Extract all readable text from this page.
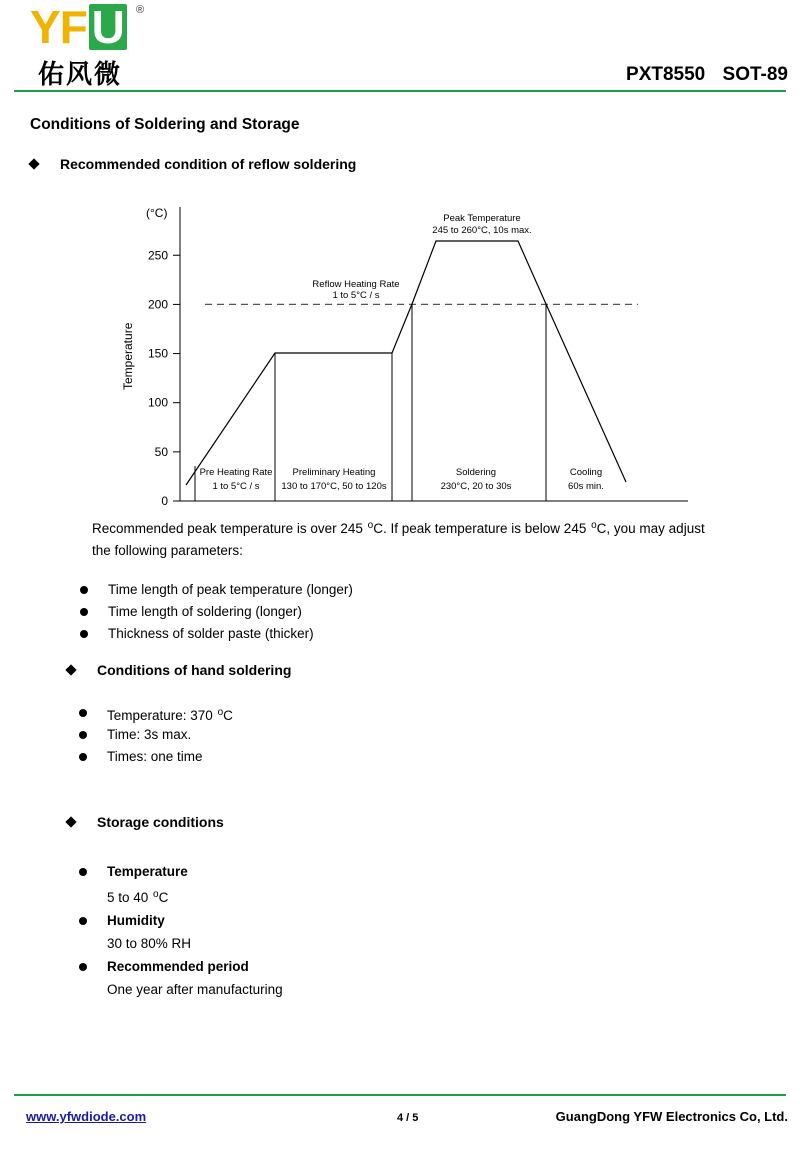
YF U ®
佑风微	PXT8550 SOT-89
Conditions of Soldering and Storage
Recommended condition of reflow soldering
(°C)
Temperature
0
50
100
150
200
250
Peak Temperature
245 to 260°C, 10s max.
Reflow Heating Rate
1 to 5°C / s
Pre Heating Rate
1 to 5°C / s
Preliminary Heating
130 to 170°C, 50 to 120s
Soldering
230°C, 20 to 30s
Cooling
60s min.
Recommended peak temperature is over 245 $^o$C. If peak temperature is below 245 $^o$C, you may adjust
the following parameters:
Time length of peak temperature (longer)
Time length of soldering (longer)
Thickness of solder paste (thicker)
Conditions of hand soldering
Temperature: 370 $^o$C
Time: 3s max.
Times: one time
Storage conditions
Temperature
5 to 40 $^o$C
Humidity
30 to 80% RH
Recommended period
One year after manufacturing
www.yfwdiode.com	4 / 5	GuangDong YFW Electronics Co, Ltd.
